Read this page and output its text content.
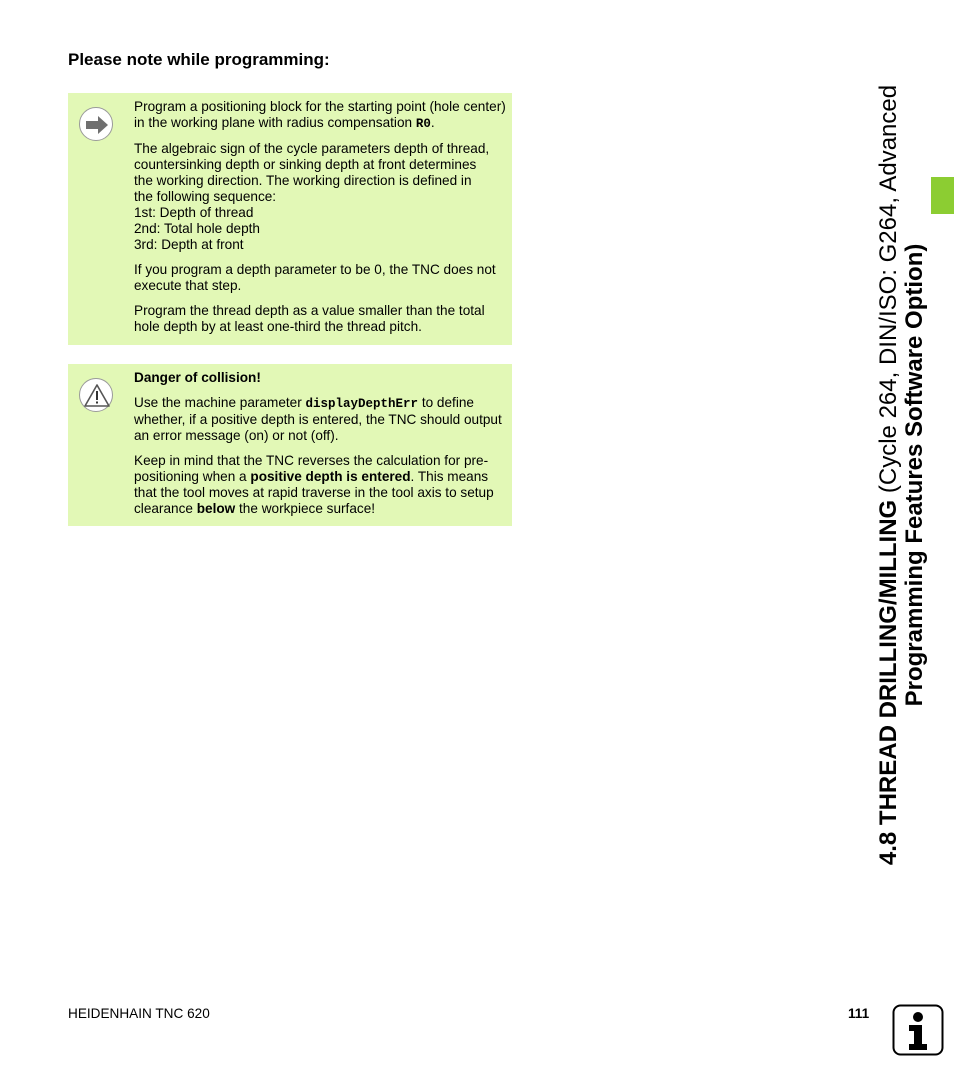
Please note while programming:

Program a positioning block for the starting point (hole center) in the working plane with radius compensation R0.

The algebraic sign of the cycle parameters depth of thread,
countersinking depth or sinking depth at front determines
the working direction. The working direction is defined in
the following sequence:
1st: Depth of thread
2nd: Total hole depth
3rd: Depth at front

If you program a depth parameter to be 0, the TNC does not execute that step.

Program the thread depth as a value smaller than the total hole depth by at least one-third the thread pitch.

Danger of collision!

Use the machine parameter displayDepthErr to define whether, if a positive depth is entered, the TNC should output an error message (on) or not (off).

Keep in mind that the TNC reverses the calculation for pre-positioning when a positive depth is entered. This means that the tool moves at rapid traverse in the tool axis to setup clearance below the workpiece surface!	4.8 THREAD DRILLING/MILLING (Cycle 264, DIN/ISO: G264, Advanced Programming Features Software Option)
HEIDENHAIN TNC 620	111
